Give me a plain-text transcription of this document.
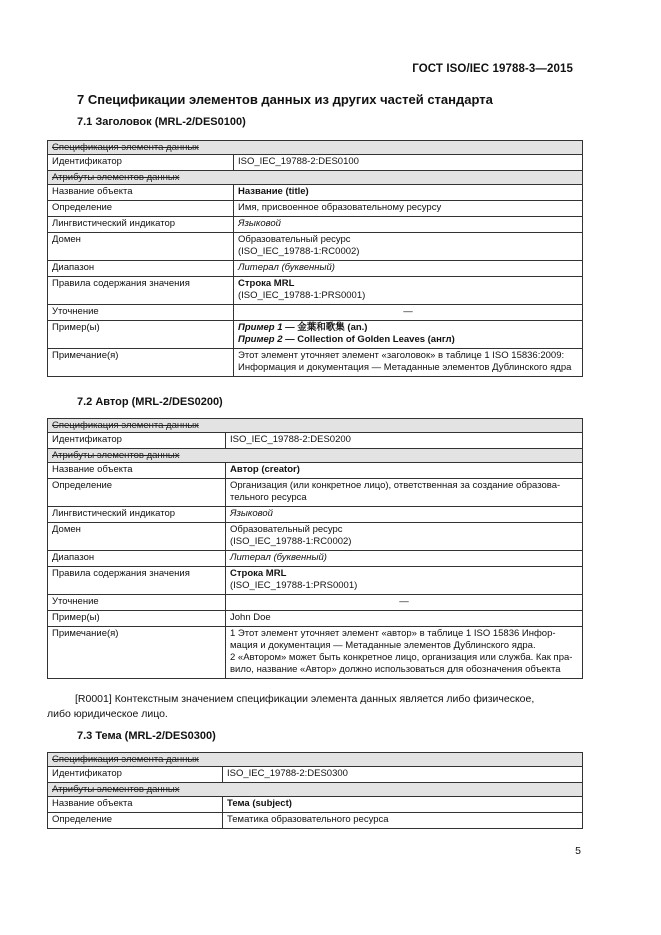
ГОСТ ISO/IEC 19788-3—2015
7 Спецификации элементов данных из других частей стандарта
7.1 Заголовок (MRL-2/DES0100)
Спецификация элемента данных	
Идентификатор	ISO_IEC_19788-2:DES0100
Атрибуты элементов данных	
Название объекта	Название (title)
Определение	Имя, присвоенное образовательному ресурсу
Лингвистический индикатор	Языковой
Домен	Образовательный ресурс
(ISO_IEC_19788-1:RC0002)

Диапазон	Литерал (буквенный)
Правила содержания значения	Строка MRL
(ISO_IEC_19788-1:PRS0001)

Уточнение	—
Пример(ы)	Пример 1 — 金葉和歌集 (an.)
Пример 2 — Collection of Golden Leaves (англ)

Примечание(я)	Этот элемент уточняет элемент «заголовок» в таблице 1 ISO 15836:2009:
Информация и документация — Метаданные элементов Дублинского ядра
7.2 Автор (MRL-2/DES0200)
Спецификация элемента данных	
Идентификатор	ISO_IEC_19788-2:DES0200
Атрибуты элементов данных	
Название объекта	Автор (creator)
Определение	Организация (или конкретное лицо), ответственная за создание образова-
тельного ресурса

Лингвистический индикатор	Языковой
Домен	Образовательный ресурс
(ISO_IEC_19788-1:RC0002)

Диапазон	Литерал (буквенный)
Правила содержания значения	Строка MRL
(ISO_IEC_19788-1:PRS0001)

Уточнение	—
Пример(ы)	John Doe
Примечание(я)	1 Этот элемент уточняет элемент «автор» в таблице 1 ISO 15836 Инфор-
мация и документация — Метаданные элементов Дублинского ядра.
2 «Автором» может быть конкретное лицо, организация или служба. Как пра-
вило, название «Автор» должно использоваться для обозначения объекта
[R0001] Контекстным значением спецификации элемента данных является либо физическое,
либо юридическое лицо.
7.3 Тема (MRL-2/DES0300)
Спецификация элемента данных	
Идентификатор	ISO_IEC_19788-2:DES0300
Атрибуты элементов данных	
Название объекта	Тема (subject)
Определение	Тематика образовательного ресурса
5
